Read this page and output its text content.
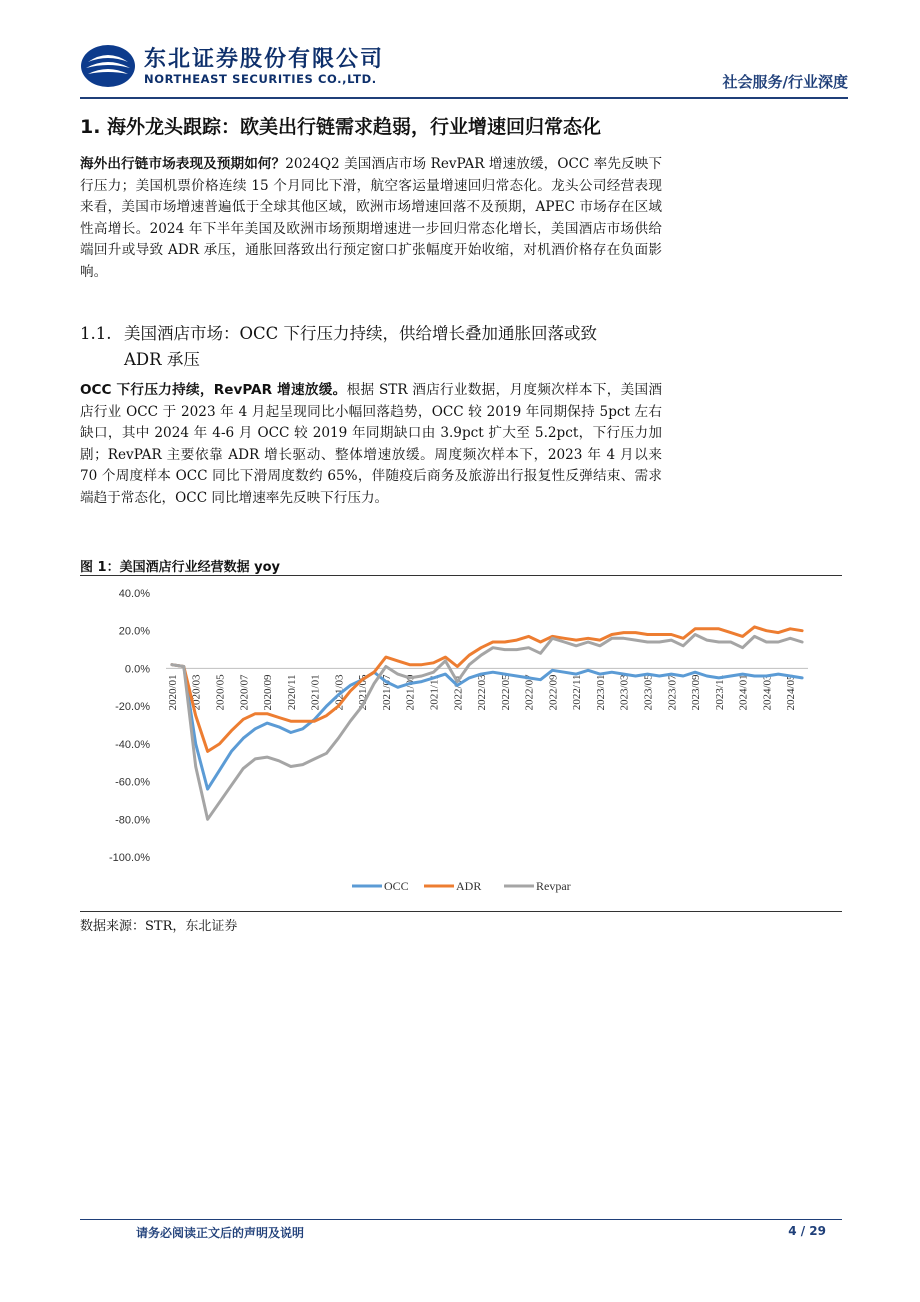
东北证券股份有限公司
NORTHEAST SECURITIES CO.,LTD.	社会服务/行业深度
1. 海外龙头跟踪：欧美出行链需求趋弱，行业增速回归常态化
海外出行链市场表现及预期如何？2024Q2 美国酒店市场 RevPAR 增速放缓，OCC 率先反映下行压力；美国机票价格连续 15 个月同比下滑，航空客运量增速回归常态化。龙头公司经营表现来看，美国市场增速普遍低于全球其他区域，欧洲市场增速回落不及预期，APEC 市场存在区域性高增长。2024 年下半年美国及欧洲市场预期增速进一步回归常态化增长，美国酒店市场供给端回升或导致 ADR 承压，通胀回落致出行预定窗口扩张幅度开始收缩，对机酒价格存在负面影响。
1.1. 美国酒店市场：OCC 下行压力持续，供给增长叠加通胀回落或致
ADR 承压
OCC 下行压力持续，RevPAR 增速放缓。根据 STR 酒店行业数据，月度频次样本下，美国酒店行业 OCC 于 2023 年 4 月起呈现同比小幅回落趋势，OCC 较 2019 年同期保持 5pct 左右缺口，其中 2024 年 4-6 月 OCC 较 2019 年同期缺口由 3.9pct 扩大至 5.2pct，下行压力加剧；RevPAR 主要依靠 ADR 增长驱动、整体增速放缓。周度频次样本下，2023 年 4 月以来 70 个周度样本 OCC 同比下滑周度数约 65%，伴随疫后商务及旅游出行报复性反弹结束、需求端趋于常态化，OCC 同比增速率先反映下行压力。
图 1：美国酒店行业经营数据 yoy
-100.0%
-80.0%
-60.0%
-40.0%
-20.0%
0.0%
20.0%
40.0%
2020/01 2020/03 2020/05 2020/07 2020/09 2020/11 2021/01 2021/03 2021/05 2021/07 2021/09 2021/11 2022/01 2022/03 2022/05 2022/07 2022/09 2022/11 2023/01 2023/03 2023/05 2023/07 2023/09 2023/11 2024/01 2024/03 2024/05
OCC	ADR	Revpar
数据来源：STR，东北证券
请务必阅读正文后的声明及说明	4 / 29
